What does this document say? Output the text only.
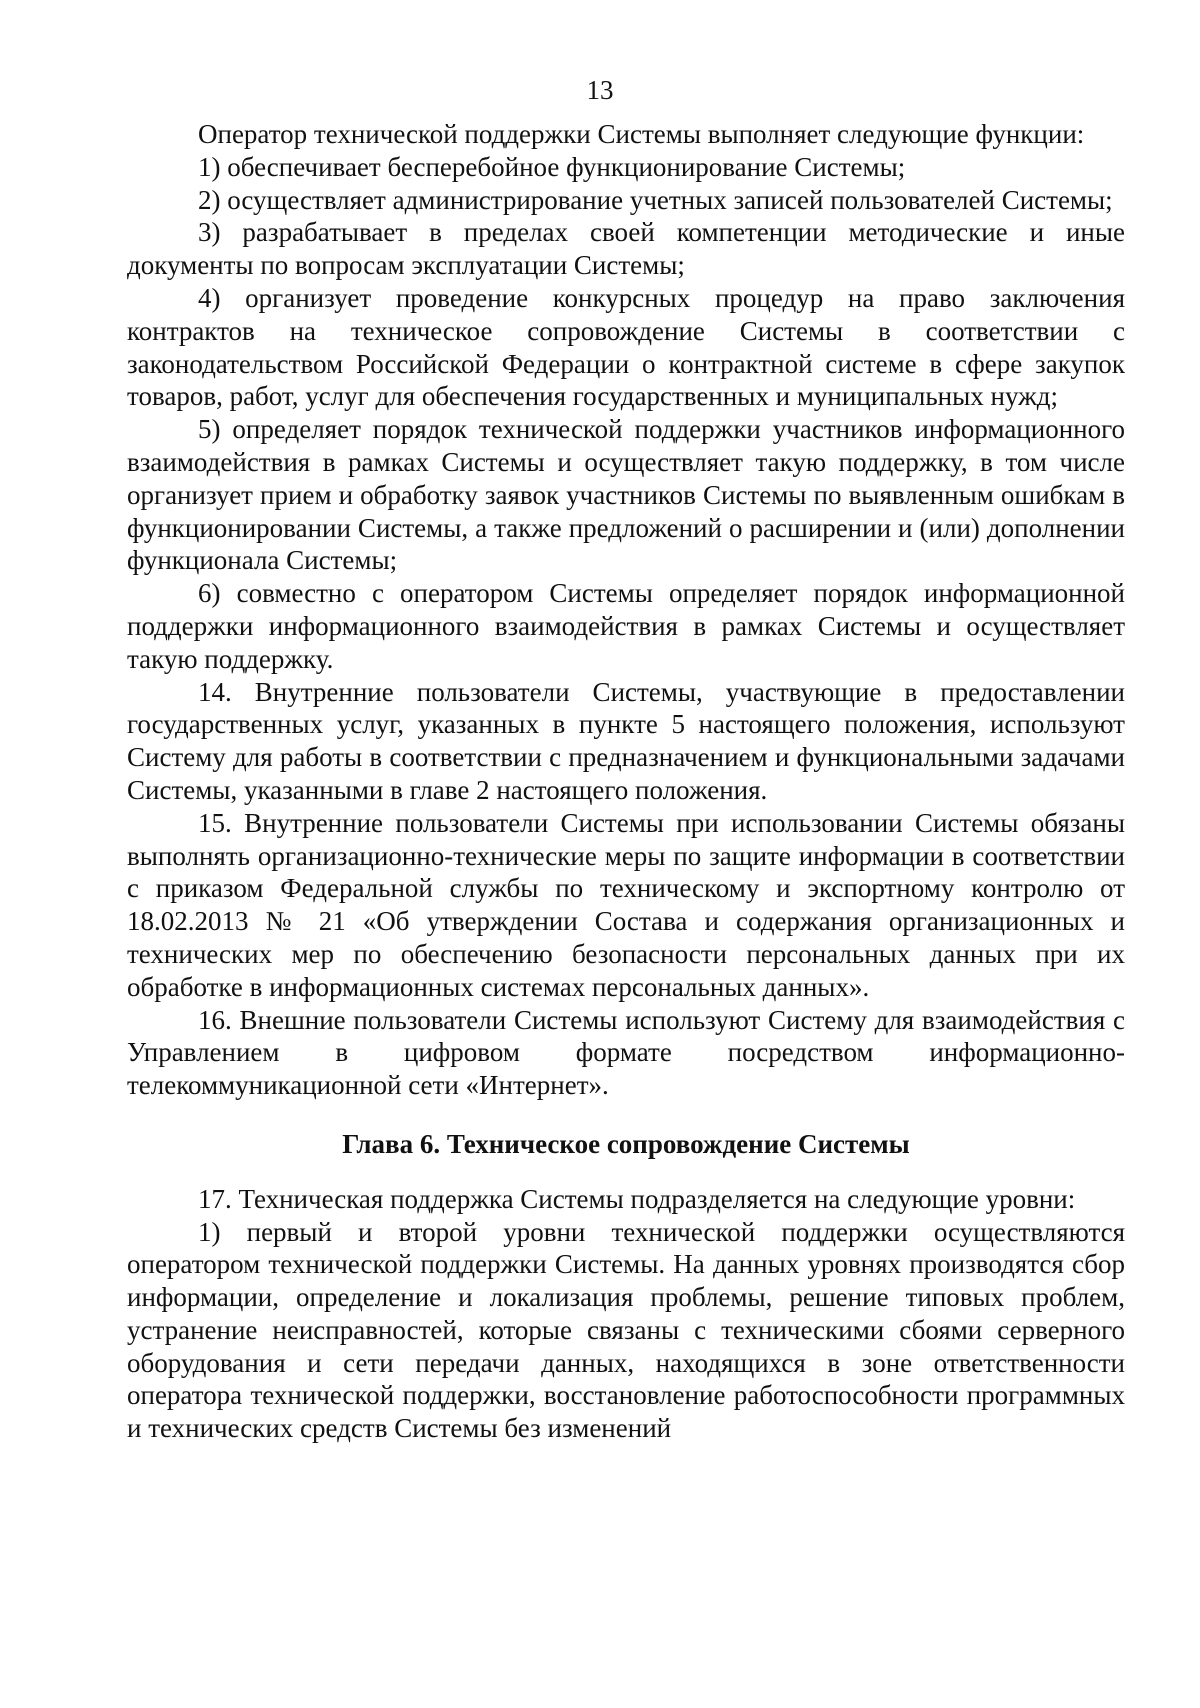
13

Оператор технической поддержки Системы выполняет следующие функции:

1) обеспечивает бесперебойное функционирование Системы;

2) осуществляет администрирование учетных записей пользователей Системы;

3) разрабатывает в пределах своей компетенции методические и иные документы по вопросам эксплуатации Системы;

4) организует проведение конкурсных процедур на право заключения контрактов на техническое сопровождение Системы в соответствии с законодательством Российской Федерации о контрактной системе в сфере закупок товаров, работ, услуг для обеспечения государственных и муниципальных нужд;

5) определяет порядок технической поддержки участников информационного взаимодействия в рамках Системы и осуществляет такую поддержку, в том числе организует прием и обработку заявок участников Системы по выявленным ошибкам в функционировании Системы, а также предложений о расширении и (или) дополнении функционала Системы;

6) совместно с оператором Системы определяет порядок информационной поддержки информационного взаимодействия в рамках Системы и осуществляет такую поддержку.

14. Внутренние пользователи Системы, участвующие в предоставлении государственных услуг, указанных в пункте 5 настоящего положения, используют Систему для работы в соответствии с предназначением и функциональными задачами Системы, указанными в главе 2 настоящего положения.

15. Внутренние пользователи Системы при использовании Системы обязаны выполнять организационно-технические меры по защите информации в соответствии с приказом Федеральной службы по техническому и экспортному контролю от 18.02.2013 № 21 «Об утверждении Состава и содержания организационных и технических мер по обеспечению безопасности персональных данных при их обработке в информационных системах персональных данных».

16. Внешние пользователи Системы используют Систему для взаимодействия с Управлением в цифровом формате посредством информационно-телекоммуникационной сети «Интернет».

Глава 6. Техническое сопровождение Системы

17. Техническая поддержка Системы подразделяется на следующие уровни:

1) первый и второй уровни технической поддержки осуществляются оператором технической поддержки Системы. На данных уровнях производятся сбор информации, определение и локализация проблемы, решение типовых проблем, устранение неисправностей, которые связаны с техническими сбоями серверного оборудования и сети передачи данных, находящихся в зоне ответственности оператора технической поддержки, восстановление работоспособности программных и технических средств Системы без изменений
